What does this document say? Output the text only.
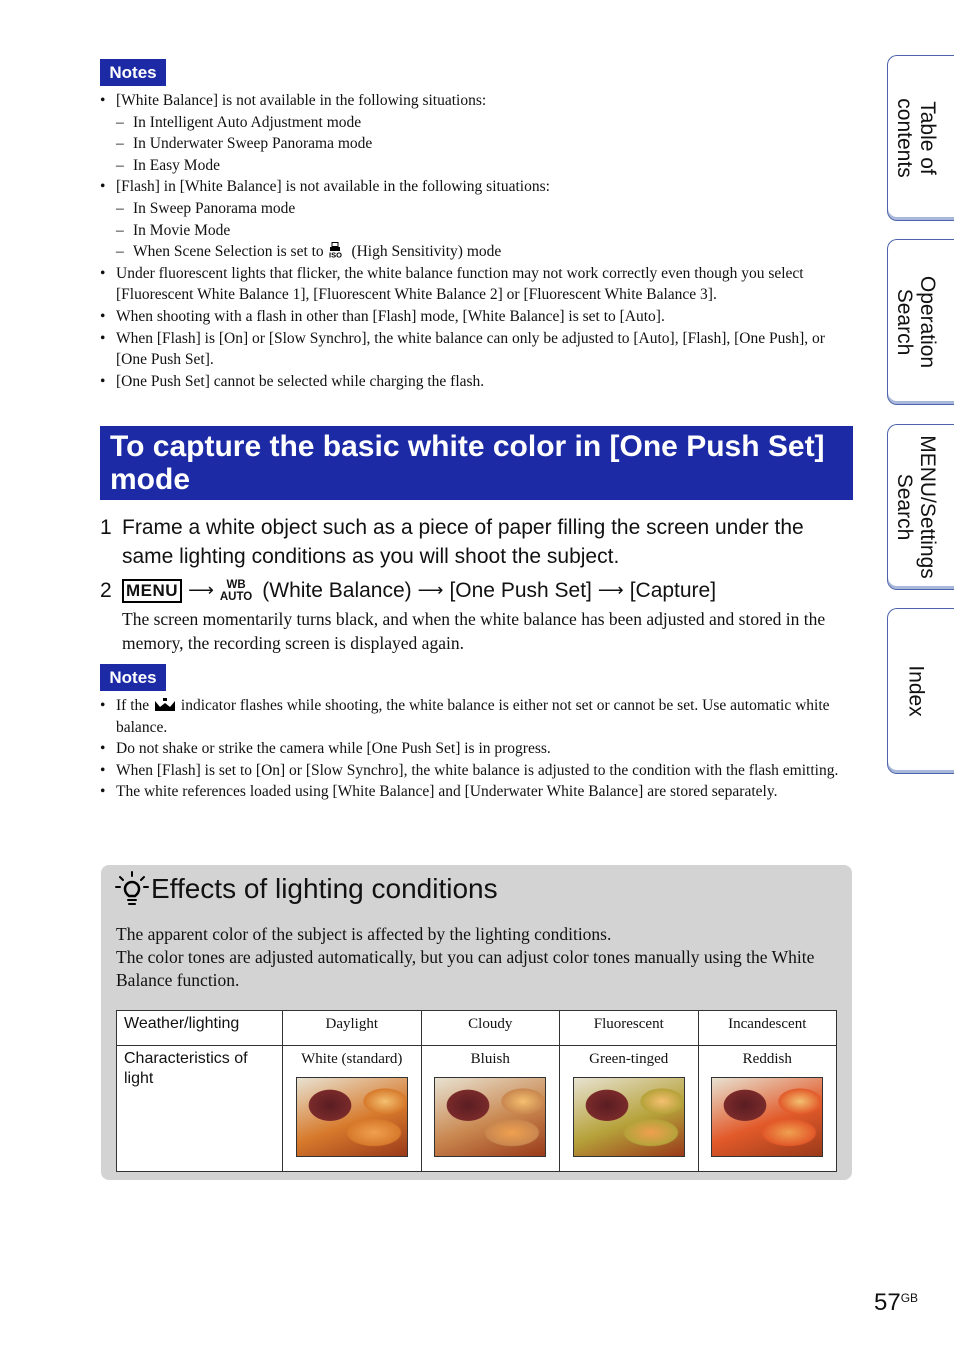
Notes
• [White Balance] is not available in the following situations:
– In Intelligent Auto Adjustment mode
– In Underwater Sweep Panorama mode
– In Easy Mode
• [Flash] in [White Balance] is not available in the following situations:
– In Sweep Panorama mode
– In Movie Mode
– When Scene Selection is set to ISO (High Sensitivity) mode
• Under fluorescent lights that flicker, the white balance function may not work correctly even though you select [Fluorescent White Balance 1], [Fluorescent White Balance 2] or [Fluorescent White Balance 3].
• When shooting with a flash in other than [Flash] mode, [White Balance] is set to [Auto].
• When [Flash] is [On] or [Slow Synchro], the white balance can only be adjusted to [Auto], [Flash], [One Push], or [One Push Set].
• [One Push Set] cannot be selected while charging the flash.
To capture the basic white color in [One Push Set] mode
1 Frame a white object such as a piece of paper filling the screen under the same lighting conditions as you will shoot the subject.
2 MENU ⟶	WB
AUTO (White Balance) ⟶ [One Push Set] ⟶ [Capture]
The screen momentarily turns black, and when the white balance has been adjusted and stored in the memory, the recording screen is displayed again.
Notes
• If the indicator flashes while shooting, the white balance is either not set or cannot be set. Use automatic white balance.
• Do not shake or strike the camera while [One Push Set] is in progress.
• When [Flash] is set to [On] or [Slow Synchro], the white balance is adjusted to the condition with the flash emitting.
• The white references loaded using [White Balance] and [Underwater White Balance] are stored separately.
Effects of lighting conditions
The apparent color of the subject is affected by the lighting conditions.
The color tones are adjusted automatically, but you can adjust color tones manually using the White Balance function.
Weather/lighting	Daylight	Cloudy	Fluorescent	Incandescent
Characteristics of light	White (standard)	Bluish	Green-tinged	Reddish
Table of
contents
Operation
Search
MENU/Settings
Search
Index
$57^{GB}$
